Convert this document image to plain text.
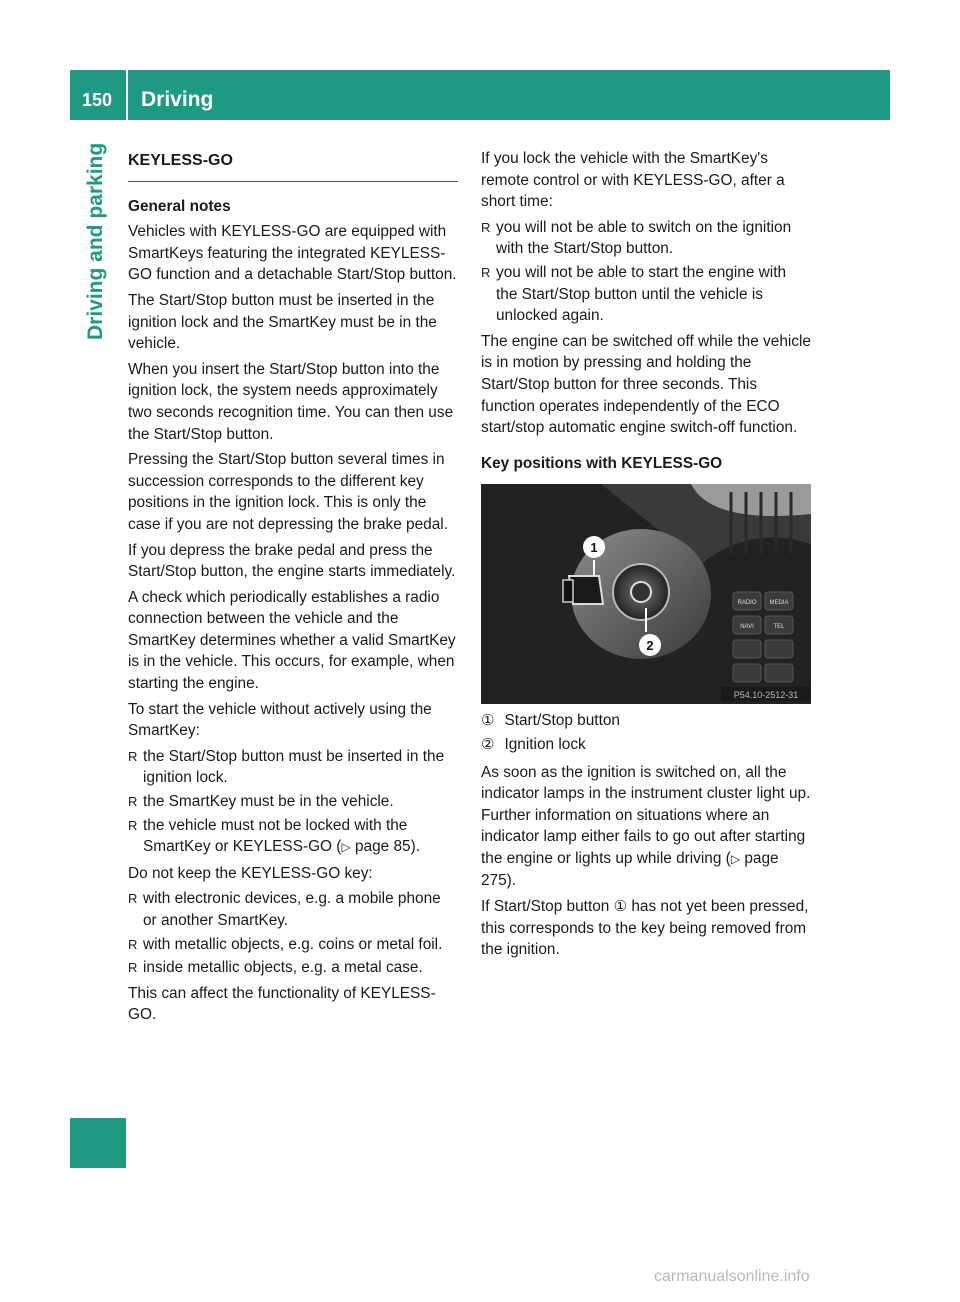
150 Driving
Driving and parking KEYLESS-GO
General notes

Vehicles with KEYLESS-GO are equipped with SmartKeys featuring the integrated KEYLESS-GO function and a detachable Start/Stop button.

The Start/Stop button must be inserted in the ignition lock and the SmartKey must be in the vehicle.

When you insert the Start/Stop button into the ignition lock, the system needs approximately two seconds recognition time. You can then use the Start/Stop button.

Pressing the Start/Stop button several times in succession corresponds to the different key positions in the ignition lock. This is only the case if you are not depressing the brake pedal.

If you depress the brake pedal and press the Start/Stop button, the engine starts immediately.

A check which periodically establishes a radio connection between the vehicle and the SmartKey determines whether a valid SmartKey is in the vehicle. This occurs, for example, when starting the engine.

To start the vehicle without actively using the SmartKey:

R the Start/Stop button must be inserted in the ignition lock.
R the SmartKey must be in the vehicle.
R the vehicle must not be locked with the SmartKey or KEYLESS-GO (▷ page 85).

Do not keep the KEYLESS-GO key:

R with electronic devices, e.g. a mobile phone or another SmartKey.
R with metallic objects, e.g. coins or metal foil.
R inside metallic objects, e.g. a metal case.

This can affect the functionality of KEYLESS-GO.

If you lock the vehicle with the SmartKey's remote control or with KEYLESS-GO, after a short time:

R you will not be able to switch on the ignition with the Start/Stop button.
R you will not be able to start the engine with the Start/Stop button until the vehicle is unlocked again.

The engine can be switched off while the vehicle is in motion by pressing and holding the Start/Stop button for three seconds. This function operates independently of the ECO start/stop automatic engine switch-off function.

Key positions with KEYLESS-GO
1
2
RADIO MEDIA
NAVI	TEL
P54.10-2512-31
① Start/Stop button
② Ignition lock

As soon as the ignition is switched on, all the indicator lamps in the instrument cluster light up. Further information on situations where an indicator lamp either fails to go out after starting the engine or lights up while driving (▷ page 275).

If Start/Stop button ① has not yet been pressed, this corresponds to the key being removed from the ignition.

carmanualsonline.info
